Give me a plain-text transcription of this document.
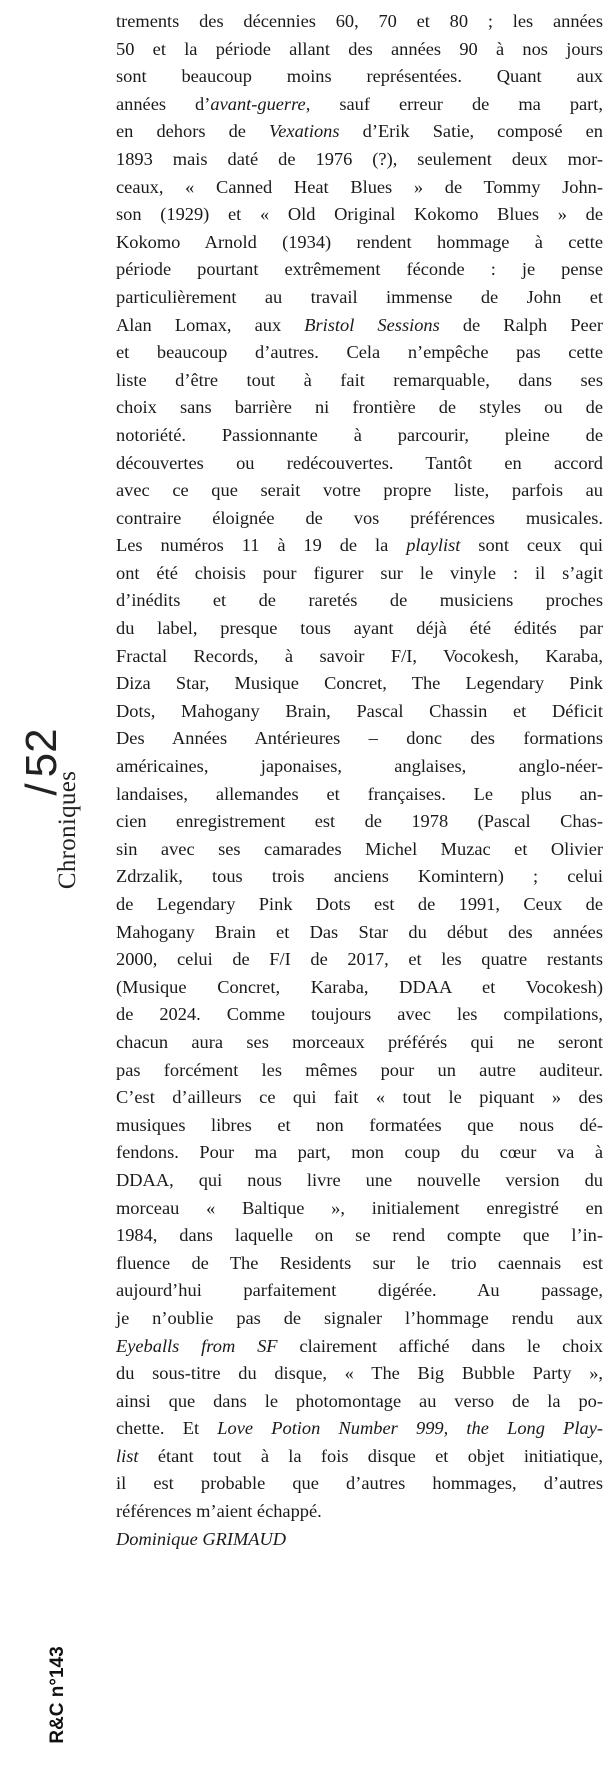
Chroniques
/52
R&C n°143
trements des décennies 60, 70 et 80 ; les années
50 et la période allant des années 90 à nos jours
sont beaucoup moins représentées. Quant aux
années d’avant-guerre, sauf erreur de ma part,
en dehors de Vexations d’Erik Satie, composé en
1893 mais daté de 1976 (?), seulement deux mor-
ceaux, « Canned Heat Blues » de Tommy John-
son (1929) et « Old Original Kokomo Blues » de
Kokomo Arnold (1934) rendent hommage à cette
période pourtant extrêmement féconde : je pense
particulièrement au travail immense de John et
Alan Lomax, aux Bristol Sessions de Ralph Peer
et beaucoup d’autres. Cela n’empêche pas cette
liste d’être tout à fait remarquable, dans ses
choix sans barrière ni frontière de styles ou de
notoriété. Passionnante à parcourir, pleine de
découvertes ou redécouvertes. Tantôt en accord
avec ce que serait votre propre liste, parfois au
contraire éloignée de vos préférences musicales.
Les numéros 11 à 19 de la playlist sont ceux qui
ont été choisis pour figurer sur le vinyle : il s’agit
d’inédits et de raretés de musiciens proches
du label, presque tous ayant déjà été édités par
Fractal Records, à savoir F/I, Vocokesh, Karaba,
Diza Star, Musique Concret, The Legendary Pink
Dots, Mahogany Brain, Pascal Chassin et Déficit
Des Années Antérieures – donc des formations
américaines, japonaises, anglaises, anglo-néer-
landaises, allemandes et françaises. Le plus an-
cien enregistrement est de 1978 (Pascal Chas-
sin avec ses camarades Michel Muzac et Olivier
Zdrzalik, tous trois anciens Komintern) ; celui
de Legendary Pink Dots est de 1991, Ceux de
Mahogany Brain et Das Star du début des années
2000, celui de F/I de 2017, et les quatre restants
(Musique Concret, Karaba, DDAA et Vocokesh)
de 2024. Comme toujours avec les compilations,
chacun aura ses morceaux préférés qui ne seront
pas forcément les mêmes pour un autre auditeur.
C’est d’ailleurs ce qui fait « tout le piquant » des
musiques libres et non formatées que nous dé-
fendons. Pour ma part, mon coup du cœur va à
DDAA, qui nous livre une nouvelle version du
morceau « Baltique », initialement enregistré en
1984, dans laquelle on se rend compte que l’in-
fluence de The Residents sur le trio caennais est
aujourd’hui parfaitement digérée. Au passage,
je n’oublie pas de signaler l’hommage rendu aux
Eyeballs from SF clairement affiché dans le choix
du sous-titre du disque, « The Big Bubble Party »,
ainsi que dans le photomontage au verso de la po-
chette. Et Love Potion Number 999, the Long Play-
list étant tout à la fois disque et objet initiatique,
il est probable que d’autres hommages, d’autres
références m’aient échappé.
Dominique GRIMAUD
